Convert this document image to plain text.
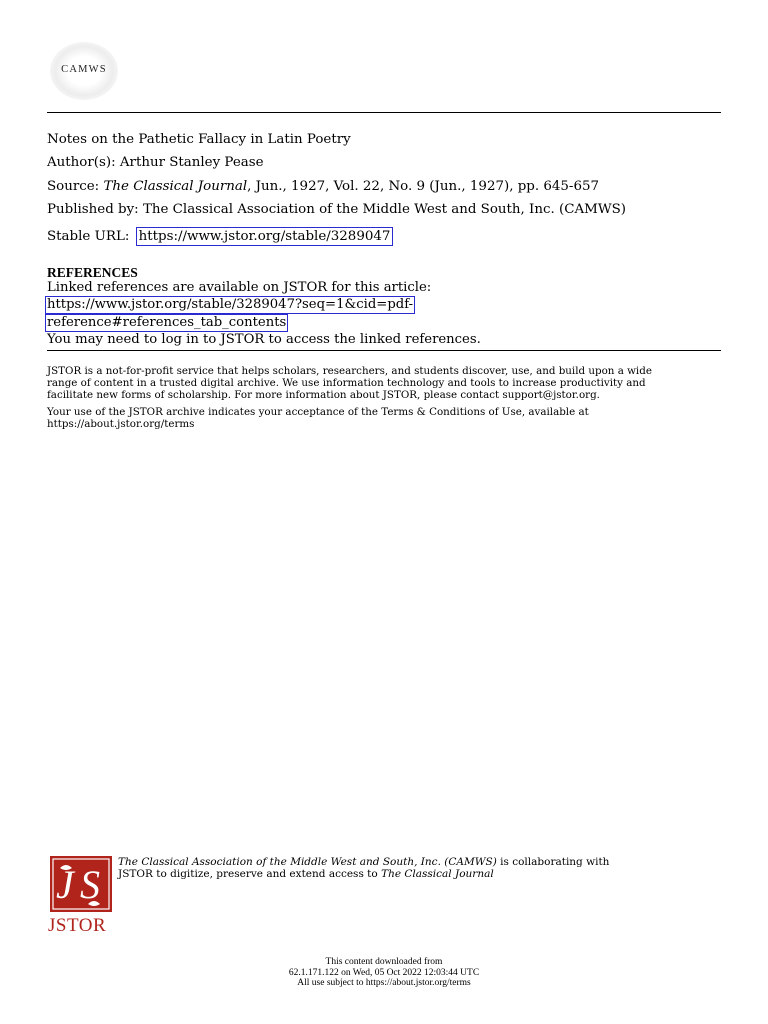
CAMWS
Notes on the Pathetic Fallacy in Latin Poetry
Author(s): Arthur Stanley Pease
Source: The Classical Journal, Jun., 1927, Vol. 22, No. 9 (Jun., 1927), pp. 645-657
Published by: The Classical Association of the Middle West and South, Inc. (CAMWS)
Stable URL: https://www.jstor.org/stable/3289047
REFERENCES
Linked references are available on JSTOR for this article:
https://www.jstor.org/stable/3289047?seq=1&cid=pdf-
reference#references_tab_contents
You may need to log in to JSTOR to access the linked references.
JSTOR is a not-for-profit service that helps scholars, researchers, and students discover, use, and build upon a wide
range of content in a trusted digital archive. We use information technology and tools to increase productivity and
facilitate new forms of scholarship. For more information about JSTOR, please contact support@jstor.org.
Your use of the JSTOR archive indicates your acceptance of the Terms & Conditions of Use, available at
https://about.jstor.org/terms
J S
JSTOR
The Classical Association of the Middle West and South, Inc. (CAMWS) is collaborating with
JSTOR to digitize, preserve and extend access to The Classical Journal
This content downloaded from
62.1.171.122 on Wed, 05 Oct 2022 12:03:44 UTC
All use subject to https://about.jstor.org/terms
